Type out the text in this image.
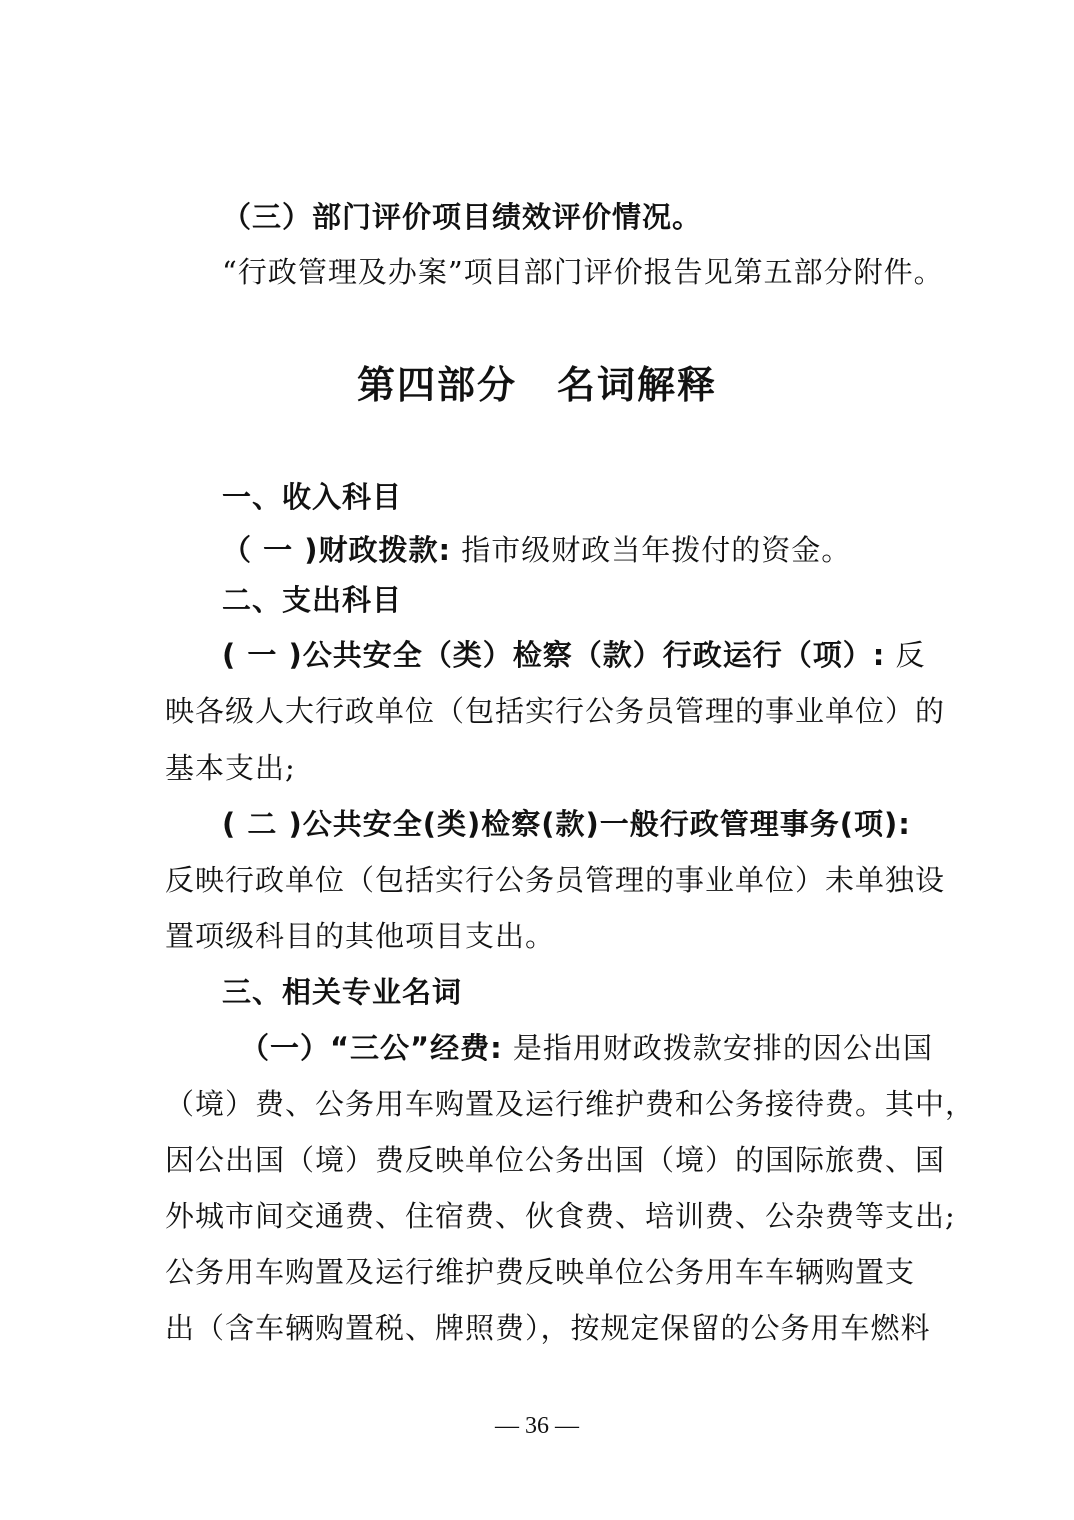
（三）部门评价项目绩效评价情况。
“行政管理及办案”项目部门评价报告见第五部分附件。
第四部分　名词解释
一、收入科目
（ 一 )财政拨款: 指市级财政当年拨付的资金。
二、支出科目
( 一 )公共安全（类）检察（款）行政运行（项）: 反
映各级人大行政单位（包括实行公务员管理的事业单位）的
基本支出;
( 二 )公共安全(类)检察(款)一般行政管理事务(项):
反映行政单位（包括实行公务员管理的事业单位）未单独设
置项级科目的其他项目支出。
三、相关专业名词
（一）“三公”经费: 是指用财政拨款安排的因公出国
（境）费、公务用车购置及运行维护费和公务接待费。其中，
因公出国（境）费反映单位公务出国（境）的国际旅费、国
外城市间交通费、住宿费、伙食费、培训费、公杂费等支出;
公务用车购置及运行维护费反映单位公务用车车辆购置支
出（含车辆购置税、牌照费），按规定保留的公务用车燃料
— 36 —
